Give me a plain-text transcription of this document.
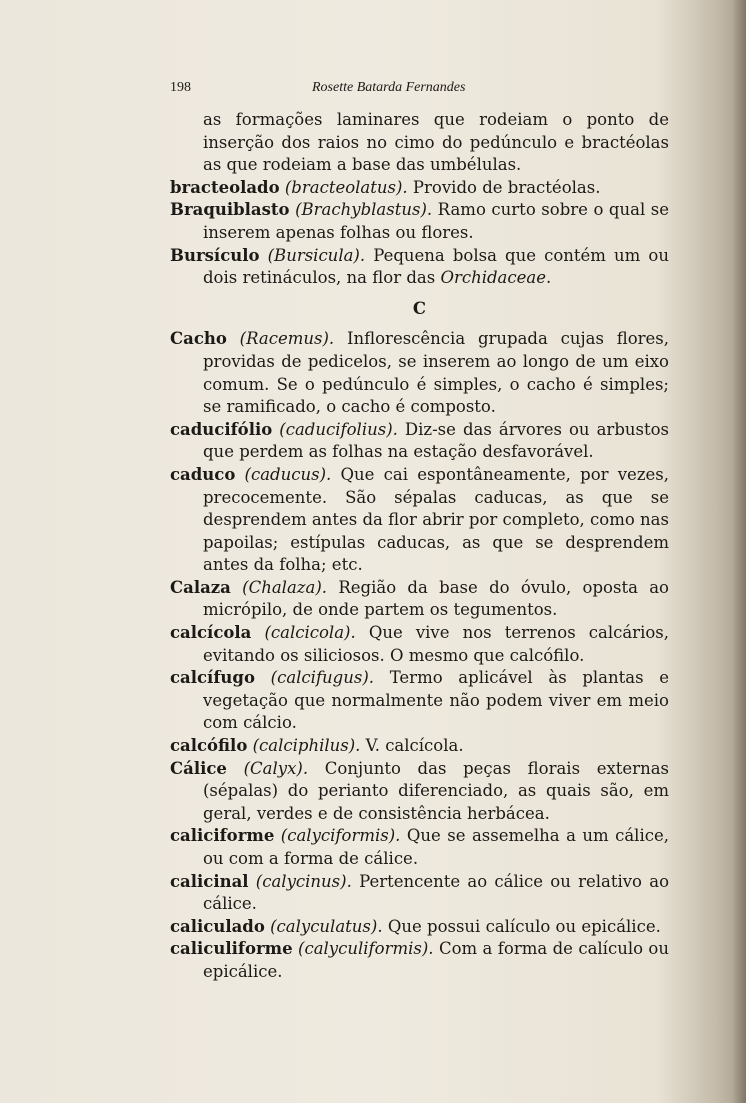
198	Rosette Batarda Fernandes

as formações laminares que rodeiam o ponto de inserção dos raios no cimo do pedúnculo e bractéolas as que rodeiam a base das umbélulas.

bracteolado (bracteolatus). Provido de bractéolas.

Braquiblasto (Brachyblastus). Ramo curto sobre o qual se inserem apenas folhas ou flores.

Bursículo (Bursicula). Pequena bolsa que contém um ou dois retináculos, na flor das Orchidaceae.

C

Cacho (Racemus). Inflorescência grupada cujas flores, providas de pedicelos, se inserem ao longo de um eixo comum. Se o pedúnculo é simples, o cacho é simples; se ramificado, o cacho é composto.

caducifólio (caducifolius). Diz-se das árvores ou arbustos que perdem as folhas na estação desfavorável.

caduco (caducus). Que cai espontâneamente, por vezes, precocemente. São sépalas caducas, as que se desprendem antes da flor abrir por completo, como nas papoilas; estípulas caducas, as que se desprendem antes da folha; etc.

Calaza (Chalaza). Região da base do óvulo, oposta ao micrópilo, de onde partem os tegumentos.

calcícola (calcicola). Que vive nos terrenos calcários, evitando os siliciosos. O mesmo que calcófilo.

calcífugo (calcifugus). Termo aplicável às plantas e vegetação que normalmente não podem viver em meio com cálcio.

calcófilo (calciphilus). V. calcícola.

Cálice (Calyx). Conjunto das peças florais externas (sépalas) do perianto diferenciado, as quais são, em geral, verdes e de consistência herbácea.

caliciforme (calyciformis). Que se assemelha a um cálice, ou com a forma de cálice.

calicinal (calycinus). Pertencente ao cálice ou relativo ao cálice.

caliculado (calyculatus). Que possui calículo ou epicálice.

caliculiforme (calyculiformis). Com a forma de calículo ou epicálice.
